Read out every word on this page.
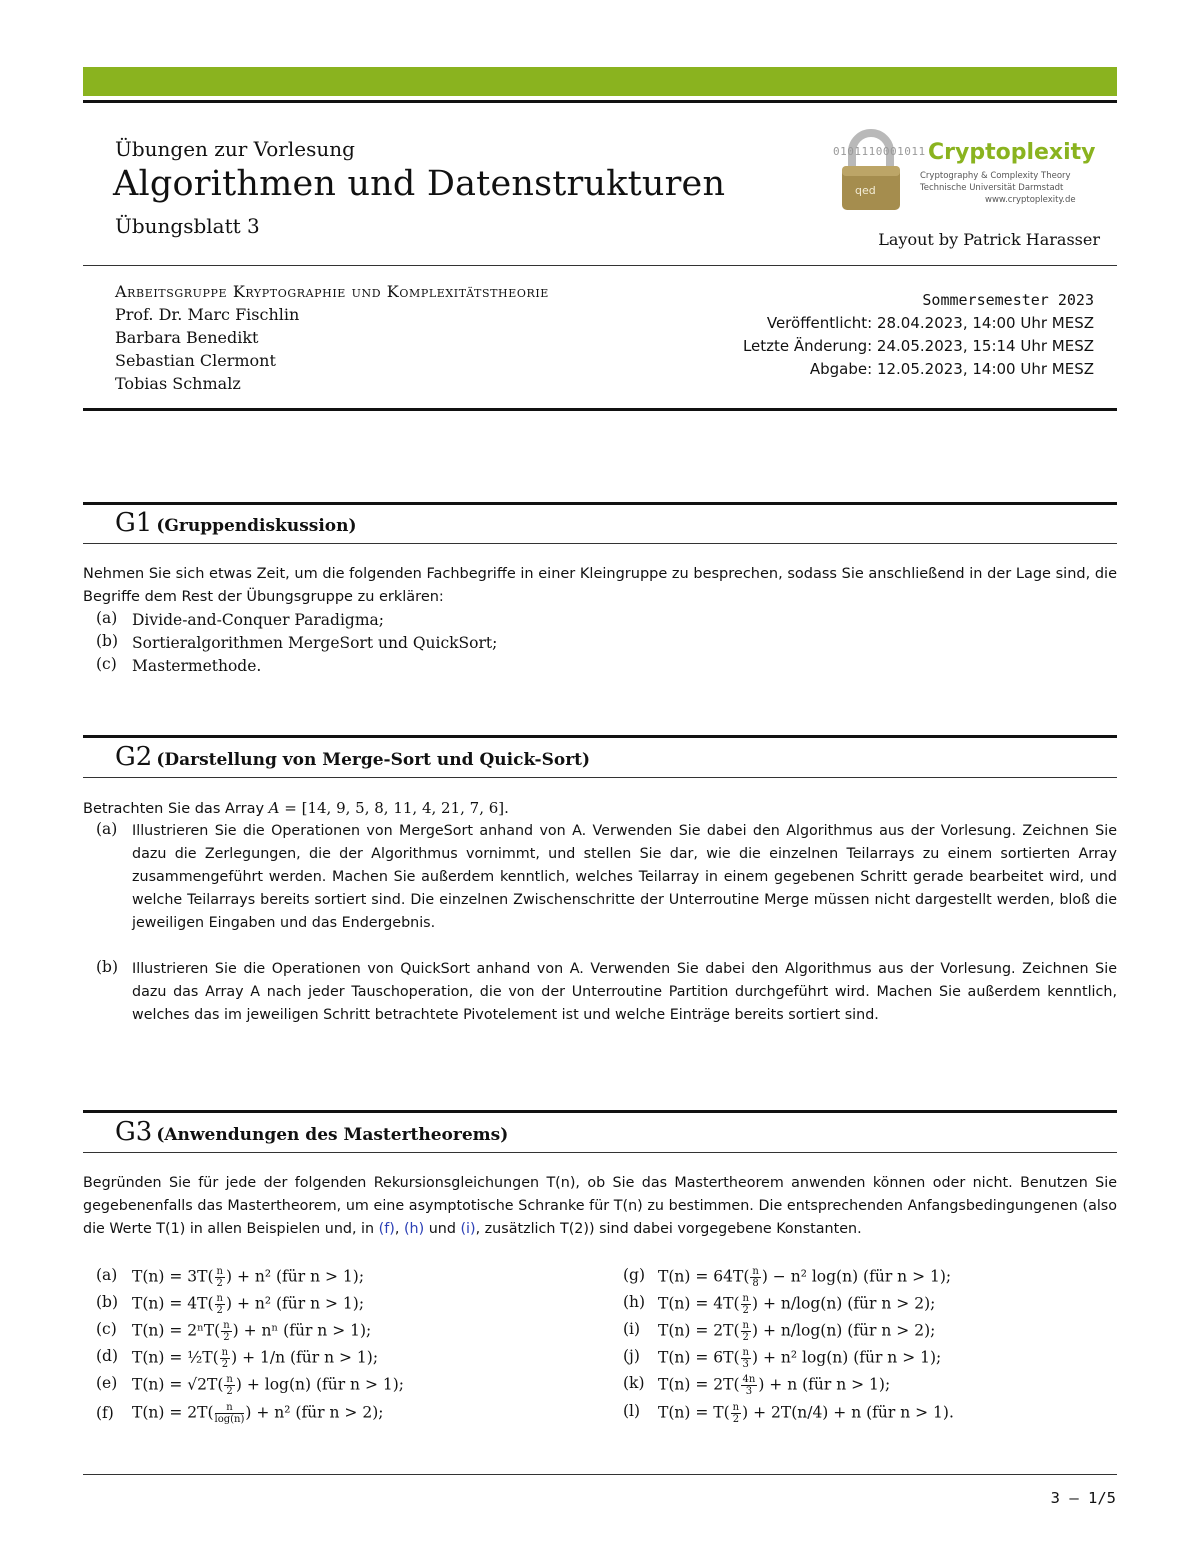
Übungen zur Vorlesung
Algorithmen und Datenstrukturen
Übungsblatt 3
qed
0101110001011 Cryptoplexity
Cryptography & Complexity Theory
Technische Universität Darmstadt
www.cryptoplexity.de
Layout by Patrick Harasser
Arbeitsgruppe Kryptographie und Komplexitätstheorie
Prof. Dr. Marc Fischlin
Barbara Benedikt
Sebastian Clermont
Tobias Schmalz
Sommersemester 2023
Veröffentlicht: 28.04.2023, 14:00 Uhr MESZ
Letzte Änderung: 24.05.2023, 15:14 Uhr MESZ
Abgabe: 12.05.2023, 14:00 Uhr MESZ
G1 (Gruppendiskussion)
Nehmen Sie sich etwas Zeit, um die folgenden Fachbegriffe in einer Kleingruppe zu besprechen, sodass Sie anschließend in der Lage sind, die Begriffe dem Rest der Übungsgruppe zu erklären:
(a) Divide-and-Conquer Paradigma;
(b) Sortieralgorithmen MergeSort und QuickSort;
(c) Mastermethode.
G2 (Darstellung von Merge-Sort und Quick-Sort)
Betrachten Sie das Array A = [14, 9, 5, 8, 11, 4, 21, 7, 6].
(a) Illustrieren Sie die Operationen von MergeSort anhand von A. Verwenden Sie dabei den Algorithmus aus der Vorlesung. Zeichnen Sie dazu die Zerlegungen, die der Algorithmus vornimmt, und stellen Sie dar, wie die einzelnen Teilarrays zu einem sortierten Array zusammengeführt werden. Machen Sie außerdem kenntlich, welches Teilarray in einem gegebenen Schritt gerade bearbeitet wird, und welche Teilarrays bereits sortiert sind. Die einzelnen Zwischenschritte der Unterroutine Merge müssen nicht dargestellt werden, bloß die jeweiligen Eingaben und das Endergebnis.
(b) Illustrieren Sie die Operationen von QuickSort anhand von A. Verwenden Sie dabei den Algorithmus aus der Vorlesung. Zeichnen Sie dazu das Array A nach jeder Tauschoperation, die von der Unterroutine Partition durchgeführt wird. Machen Sie außerdem kenntlich, welches das im jeweiligen Schritt betrachtete Pivotelement ist und welche Einträge bereits sortiert sind.
G3 (Anwendungen des Mastertheorems)
Begründen Sie für jede der folgenden Rekursionsgleichungen T(n), ob Sie das Mastertheorem anwenden können oder nicht. Benutzen Sie gegebenenfalls das Mastertheorem, um eine asymptotische Schranke für T(n) zu bestimmen. Die entsprechenden Anfangsbedingungenen (also die Werte T(1) in allen Beispielen und, in (f), (h) und (i), zusätzlich T(2)) sind dabei vorgegebene Konstanten.
(a) $T(n) = 3T( \frac{n}{2}$ ) + n² (für n > 1);
(b) $T(n) = 4T( \frac{n}{2}$ ) + n² (für n > 1);
(c) $T(n) = 2^nT( \frac{n}{2}$ ) + nⁿ (für n > 1);
(d) T(n) = ½T( $\frac{n}{2}$ ) + 1/n (für n > 1);
(e) $T(n) = √2T( \frac{n}{2}$ ) + log(n) (für n > 1);
(f) $T(n) = 2T( \frac{n}{\log(n)}$ ) + n² (für n > 2);
(g) $T(n) = 64T( \frac{n}{8}$ ) − n² log(n) (für n > 1);
(h) $T(n) = 4T( \frac{n}{2}$ ) + n/log(n) (für n > 2);
(i) $T(n) = 2T( \frac{n}{2}$ ) + n/log(n) (für n > 2);
(j) $T(n) = 6T( \frac{n}{3}$ ) + n² log(n) (für n > 1);
(k) $T(n) = 2T( \frac{4n}{3}$ ) + n (für n > 1);
(l) $T(n) = T( \frac{n}{2}$ ) + 2T(n/4) + n (für n > 1).
3 – 1/5
